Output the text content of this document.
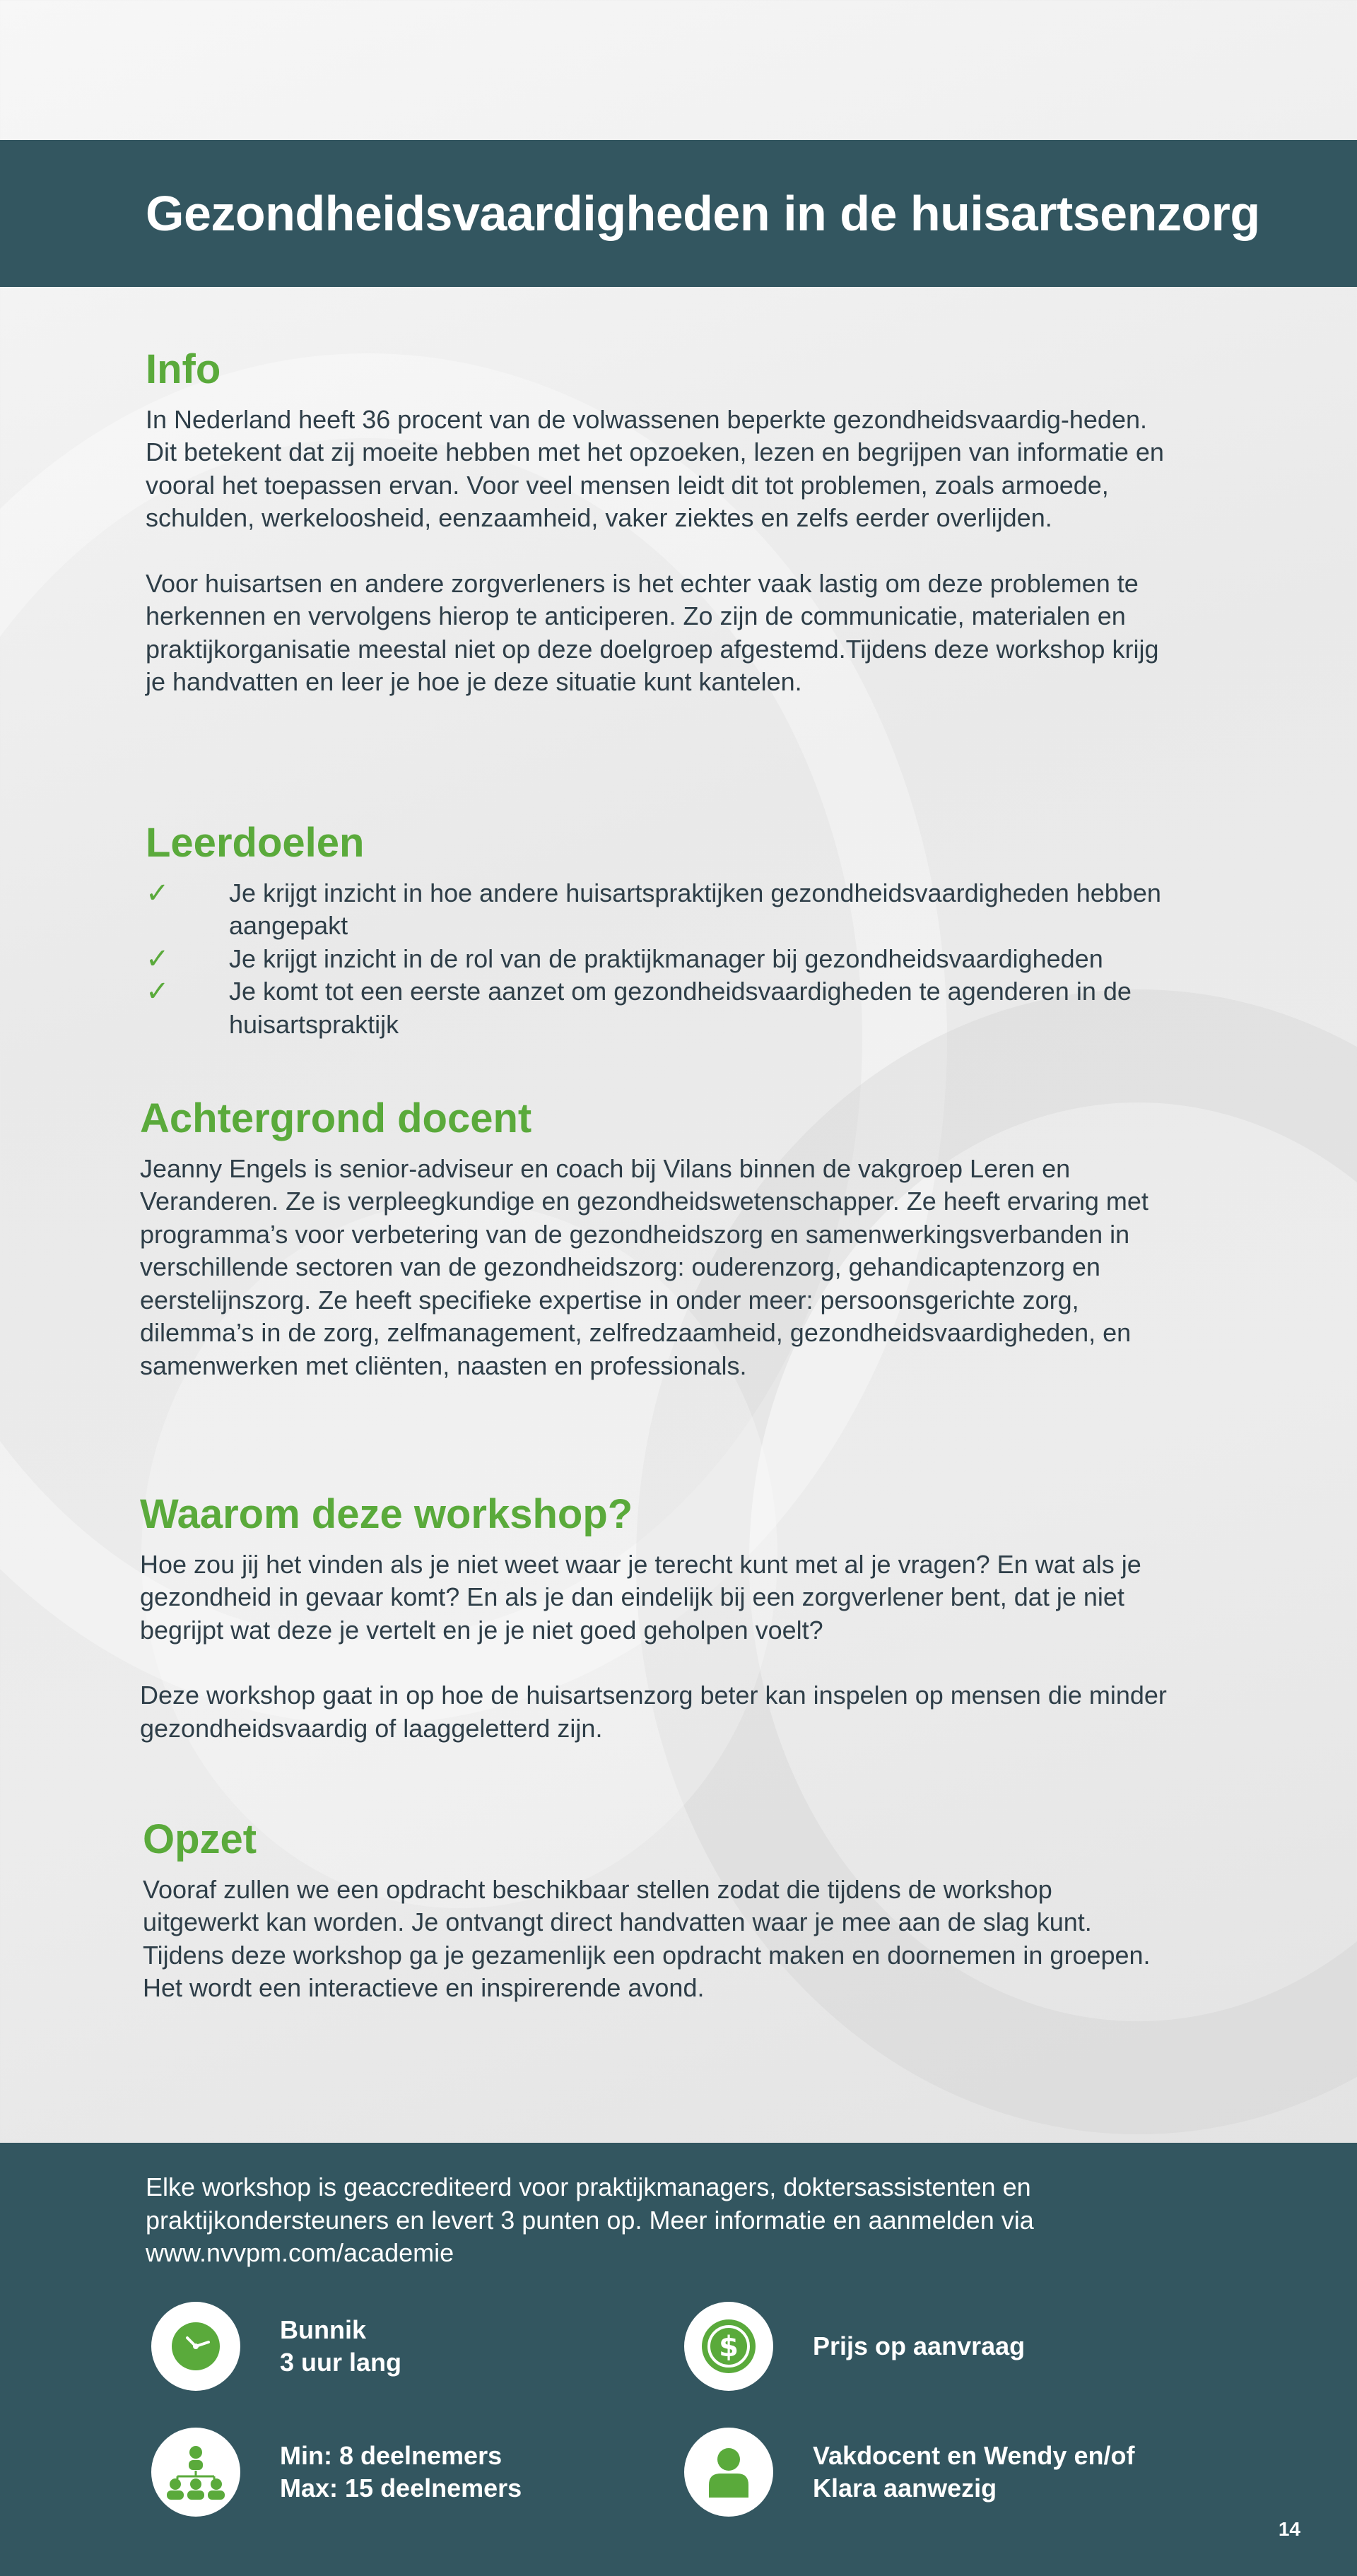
Gezondheidsvaardigheden in de huisartsenzorg
Info

In Nederland heeft 36 procent van de volwassenen beperkte gezondheidsvaardig-heden. Dit betekent dat zij moeite hebben met het opzoeken, lezen en begrijpen van informatie en vooral het toepassen ervan. Voor veel mensen leidt dit tot problemen, zoals armoede, schulden, werkeloosheid, eenzaamheid, vaker ziektes en zelfs eerder overlijden.

Voor huisartsen en andere zorgverleners is het echter vaak lastig om deze problemen te herkennen en vervolgens hierop te anticiperen. Zo zijn de communicatie, materialen en praktijkorganisatie meestal niet op deze doelgroep afgestemd.Tijdens deze workshop krijg je handvatten en leer je hoe je deze situatie kunt kantelen.

Leerdoelen
✓ Je krijgt inzicht in hoe andere huisartspraktijken gezondheidsvaardigheden hebben aangepakt
✓ Je krijgt inzicht in de rol van de praktijkmanager bij gezondheidsvaardigheden
✓ Je komt tot een eerste aanzet om gezondheidsvaardigheden te agenderen in de huisartspraktijk
Achtergrond docent

Jeanny Engels is senior-adviseur en coach bij Vilans binnen de vakgroep Leren en Veranderen. Ze is verpleegkundige en gezondheidswetenschapper. Ze heeft ervaring met programma’s voor verbetering van de gezondheidszorg en samenwerkingsverbanden in verschillende sectoren van de gezondheidszorg: ouderenzorg, gehandicaptenzorg en eerstelijnszorg. Ze heeft specifieke expertise in onder meer: persoonsgerichte zorg, dilemma’s in de zorg, zelfmanagement, zelfredzaamheid, gezondheidsvaardigheden, en samenwerken met cliënten, naasten en professionals.

Waarom deze workshop?

Hoe zou jij het vinden als je niet weet waar je terecht kunt met al je vragen? En wat als je gezondheid in gevaar komt? En als je dan eindelijk bij een zorgverlener bent, dat je niet begrijpt wat deze je vertelt en je je niet goed geholpen voelt?

Deze workshop gaat in op hoe de huisartsenzorg beter kan inspelen op mensen die minder gezondheidsvaardig of laaggeletterd zijn.

Opzet

Vooraf zullen we een opdracht beschikbaar stellen zodat die tijdens de workshop uitgewerkt kan worden. Je ontvangt direct handvatten waar je mee aan de slag kunt. Tijdens deze workshop ga je gezamenlijk een opdracht maken en doornemen in groepen. Het wordt een interactieve en inspirerende avond.

Elke workshop is geaccrediteerd voor praktijkmanagers, doktersassistenten en praktijkondersteuners en levert 3 punten op. Meer informatie en aanmelden via www.nvvpm.com/academie
Bunnik
3 uur lang	$	Prijs op aanvraag
Min: 8 deelnemers
Max: 15 deelnemers
Vakdocent en Wendy en/of
Klara aanwezig
14
